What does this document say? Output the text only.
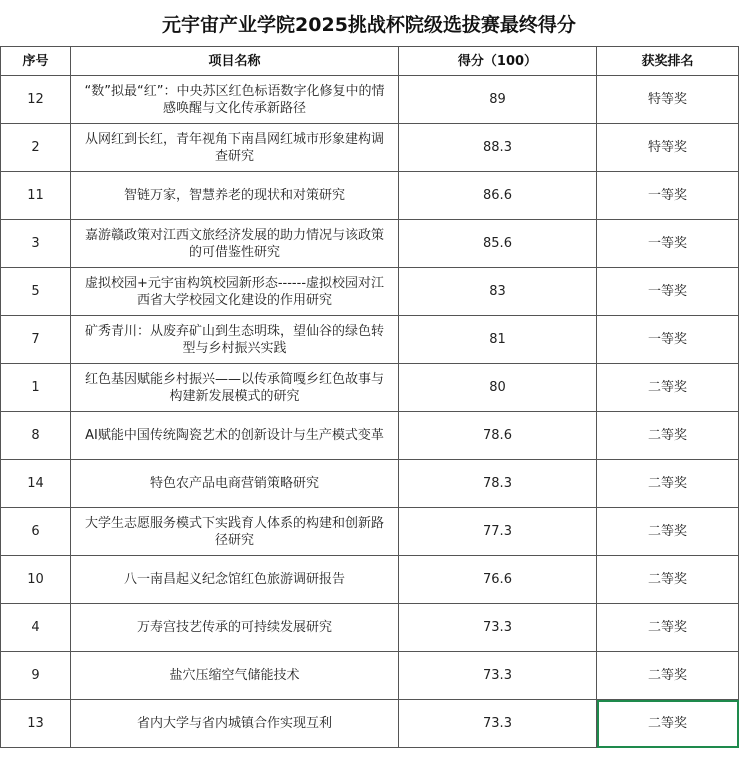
元宇宙产业学院2025挑战杯院级选拔赛最终得分
序号	项目名称	得分（100）	获奖排名
12	“数”拟最“红”：中央苏区红色标语数字化修复中的情感唤醒与文化传承新路径	89	特等奖
2	从网红到长红，青年视角下南昌网红城市形象建构调查研究	88.3	特等奖
11	智链万家，智慧养老的现状和对策研究	86.6	一等奖
3	嘉游赣政策对江西文旅经济发展的助力情况与该政策的可借鉴性研究	85.6	一等奖
5	虚拟校园+元宇宙构筑校园新形态------虚拟校园对江西省大学校园文化建设的作用研究	83	一等奖
7	矿秀青川：从废弃矿山到生态明珠，望仙谷的绿色转型与乡村振兴实践	81	一等奖
1	红色基因赋能乡村振兴——以传承简嘎乡红色故事与构建新发展模式的研究	80	二等奖
8	AI赋能中国传统陶瓷艺术的创新设计与生产模式变革	78.6	二等奖
14	特色农产品电商营销策略研究	78.3	二等奖
6	大学生志愿服务模式下实践育人体系的构建和创新路径研究	77.3	二等奖
10	八一南昌起义纪念馆红色旅游调研报告	76.6	二等奖
4	万寿宫技艺传承的可持续发展研究	73.3	二等奖
9	盐穴压缩空气储能技术	73.3	二等奖
13	省内大学与省内城镇合作实现互利	73.3	二等奖
